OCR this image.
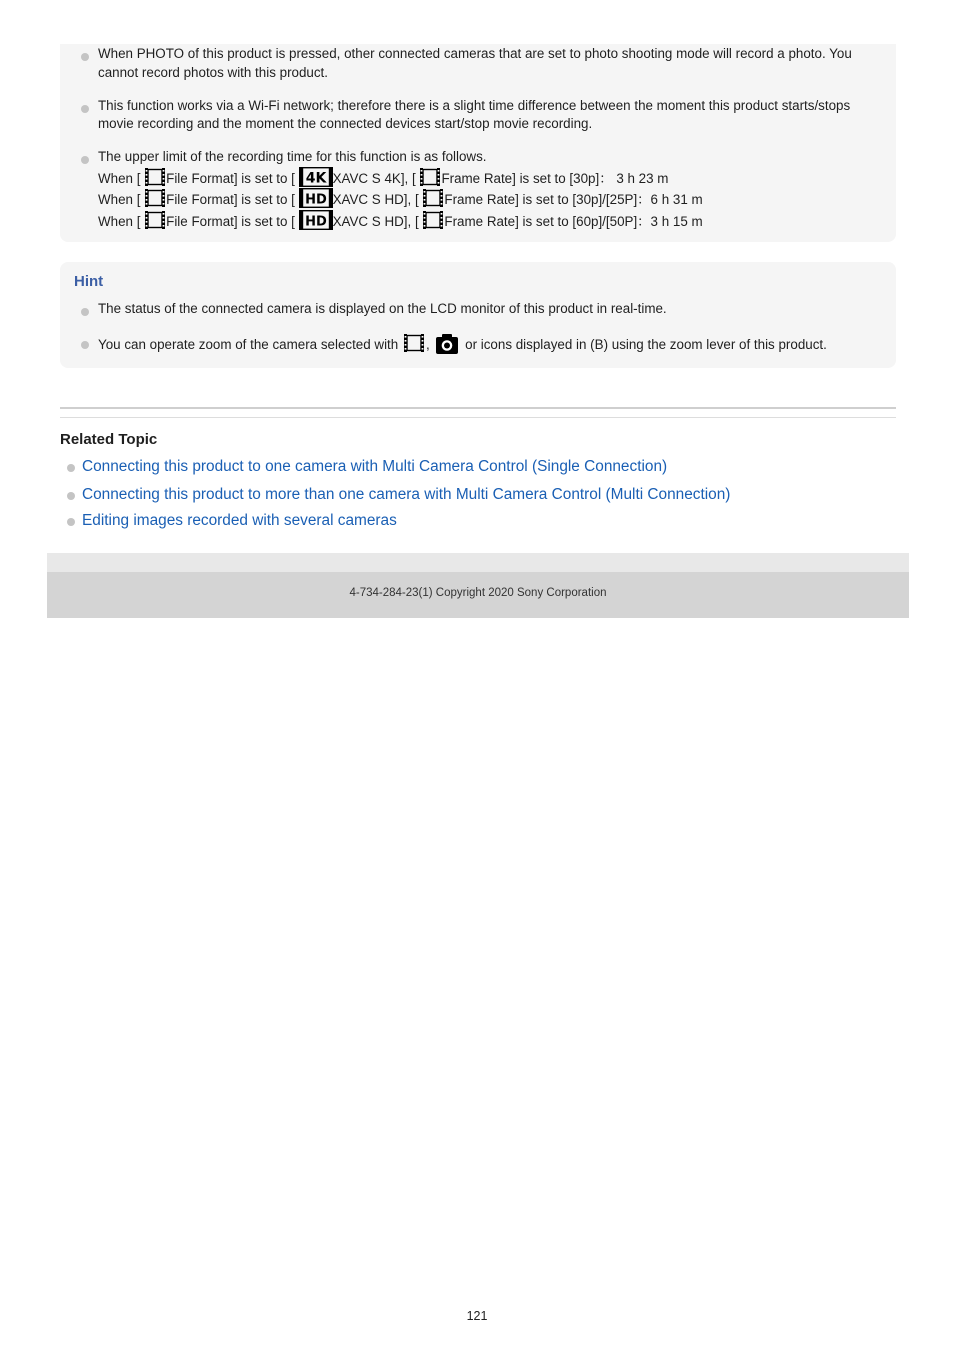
When PHOTO of this product is pressed, other connected cameras that are set to photo shooting mode will record a photo. You cannot record photos with this product.
This function works via a Wi-Fi network; therefore there is a slight time difference between the moment this product starts/stops movie recording and the moment the connected devices start/stop movie recording.
The upper limit of the recording time for this function is as follows.
When [ File Format] is set to [ 4K XAVC S 4K], [ Frame Rate] is set to [30p]： 3 h 23 m
When [ File Format] is set to [ HD XAVC S HD], [ Frame Rate] is set to [30p]/[25P]：6 h 31 m
When [ File Format] is set to [ HD XAVC S HD], [ Frame Rate] is set to [60p]/[50P]：3 h 15 m
Hint
The status of the connected camera is displayed on the LCD monitor of this product in real-time.
You can operate zoom of the camera selected with ,  or icons displayed in (B) using the zoom lever of this product.
Related Topic
Connecting this product to one camera with Multi Camera Control (Single Connection)
Connecting this product to more than one camera with Multi Camera Control (Multi Connection)
Editing images recorded with several cameras
4-734-284-23(1) Copyright 2020 Sony Corporation
121
